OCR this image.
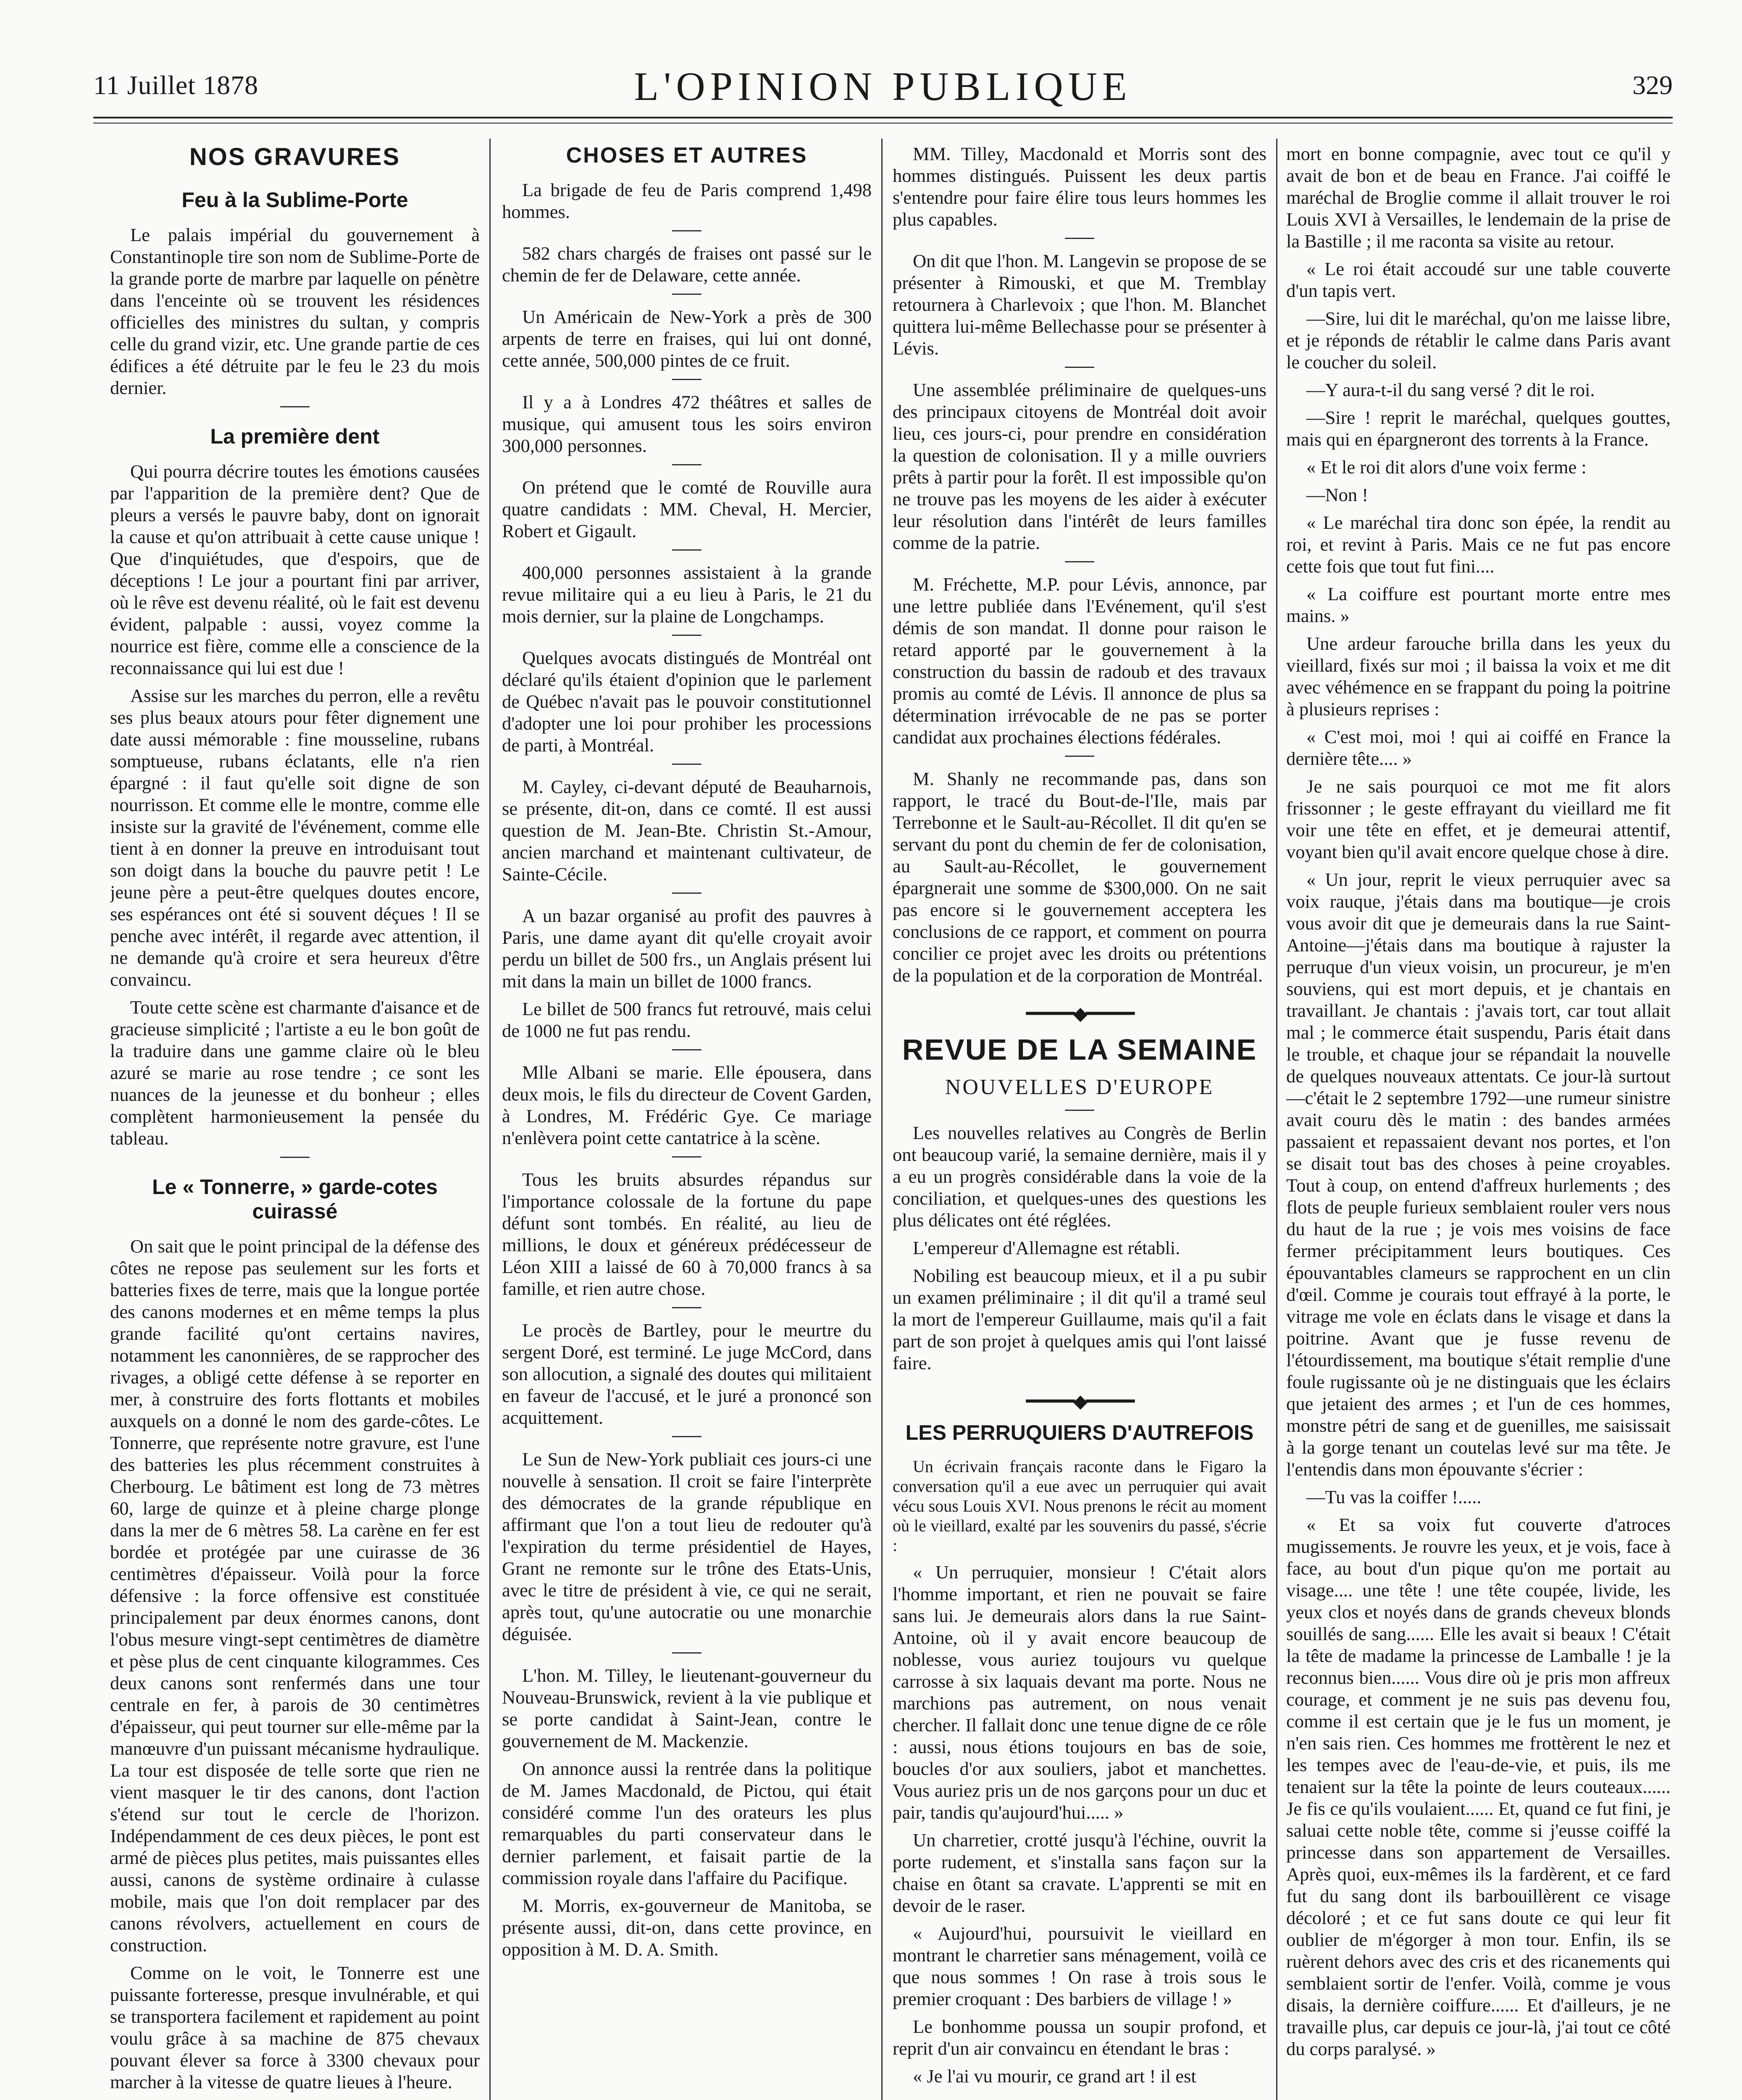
11 Juillet 1878	L'OPINION PUBLIQUE	329
NOS GRAVURES
Feu à la Sublime-Porte

Le palais impérial du gouvernement à Constantinople tire son nom de Sublime-Porte de la grande porte de marbre par laquelle on pénètre dans l'enceinte où se trouvent les résidences officielles des ministres du sultan, y compris celle du grand vizir, etc. Une grande partie de ces édifices a été détruite par le feu le 23 du mois dernier.

La première dent

Qui pourra décrire toutes les émotions causées par l'apparition de la première dent? Que de pleurs a versés le pauvre baby, dont on ignorait la cause et qu'on attribuait à cette cause unique ! Que d'inquiétudes, que d'espoirs, que de déceptions ! Le jour a pourtant fini par arriver, où le rêve est devenu réalité, où le fait est devenu évident, palpable : aussi, voyez comme la nourrice est fière, comme elle a conscience de la reconnaissance qui lui est due !

Assise sur les marches du perron, elle a revêtu ses plus beaux atours pour fêter dignement une date aussi mémorable : fine mousseline, rubans somptueuse, rubans éclatants, elle n'a rien épargné : il faut qu'elle soit digne de son nourrisson. Et comme elle le montre, comme elle insiste sur la gravité de l'événement, comme elle tient à en donner la preuve en introduisant tout son doigt dans la bouche du pauvre petit ! Le jeune père a peut-être quelques doutes encore, ses espérances ont été si souvent déçues ! Il se penche avec intérêt, il regarde avec attention, il ne demande qu'à croire et sera heureux d'être convaincu.

Toute cette scène est charmante d'aisance et de gracieuse simplicité ; l'artiste a eu le bon goût de la traduire dans une gamme claire où le bleu azuré se marie au rose tendre ; ce sont les nuances de la jeunesse et du bonheur ; elles complètent harmonieusement la pensée du tableau.

Le « Tonnerre, » garde-cotes cuirassé

On sait que le point principal de la défense des côtes ne repose pas seulement sur les forts et batteries fixes de terre, mais que la longue portée des canons modernes et en même temps la plus grande facilité qu'ont certains navires, notamment les canonnières, de se rapprocher des rivages, a obligé cette défense à se reporter en mer, à construire des forts flottants et mobiles auxquels on a donné le nom des garde-côtes. Le Tonnerre, que représente notre gravure, est l'une des batteries les plus récemment construites à Cherbourg. Le bâtiment est long de 73 mètres 60, large de quinze et à pleine charge plonge dans la mer de 6 mètres 58. La carène en fer est bordée et protégée par une cuirasse de 36 centimètres d'épaisseur. Voilà pour la force défensive : la force offensive est constituée principalement par deux énormes canons, dont l'obus mesure vingt-sept centimètres de diamètre et pèse plus de cent cinquante kilogrammes. Ces deux canons sont renfermés dans une tour centrale en fer, à parois de 30 centimètres d'épaisseur, qui peut tourner sur elle-même par la manœuvre d'un puissant mécanisme hydraulique. La tour est disposée de telle sorte que rien ne vient masquer le tir des canons, dont l'action s'étend sur tout le cercle de l'horizon. Indépendamment de ces deux pièces, le pont est armé de pièces plus petites, mais puissantes elles aussi, canons de système ordinaire à culasse mobile, mais que l'on doit remplacer par des canons révolvers, actuellement en cours de construction.

Comme on le voit, le Tonnerre est une puissante forteresse, presque invulnérable, et qui se transportera facilement et rapidement au point voulu grâce à sa machine de 875 chevaux pouvant élever sa force à 3300 chevaux pour marcher à la vitesse de quatre lieues à l'heure.

CHOSES ET AUTRES

La brigade de feu de Paris comprend 1,498 hommes.

582 chars chargés de fraises ont passé sur le chemin de fer de Delaware, cette année.

Un Américain de New-York a près de 300 arpents de terre en fraises, qui lui ont donné, cette année, 500,000 pintes de ce fruit.

Il y a à Londres 472 théâtres et salles de musique, qui amusent tous les soirs environ 300,000 personnes.

On prétend que le comté de Rouville aura quatre candidats : MM. Cheval, H. Mercier, Robert et Gigault.

400,000 personnes assistaient à la grande revue militaire qui a eu lieu à Paris, le 21 du mois dernier, sur la plaine de Longchamps.

Quelques avocats distingués de Montréal ont déclaré qu'ils étaient d'opinion que le parlement de Québec n'avait pas le pouvoir constitutionnel d'adopter une loi pour prohiber les processions de parti, à Montréal.

M. Cayley, ci-devant député de Beauharnois, se présente, dit-on, dans ce comté. Il est aussi question de M. Jean-Bte. Christin St.-Amour, ancien marchand et maintenant cultivateur, de Sainte-Cécile.

A un bazar organisé au profit des pauvres à Paris, une dame ayant dit qu'elle croyait avoir perdu un billet de 500 frs., un Anglais présent lui mit dans la main un billet de 1000 francs.

Le billet de 500 francs fut retrouvé, mais celui de 1000 ne fut pas rendu.

Mlle Albani se marie. Elle épousera, dans deux mois, le fils du directeur de Covent Garden, à Londres, M. Frédéric Gye. Ce mariage n'enlèvera point cette cantatrice à la scène.

Tous les bruits absurdes répandus sur l'importance colossale de la fortune du pape défunt sont tombés. En réalité, au lieu de millions, le doux et généreux prédécesseur de Léon XIII a laissé de 60 à 70,000 francs à sa famille, et rien autre chose.

Le procès de Bartley, pour le meurtre du sergent Doré, est terminé. Le juge McCord, dans son allocution, a signalé des doutes qui militaient en faveur de l'accusé, et le juré a prononcé son acquittement.

Le Sun de New-York publiait ces jours-ci une nouvelle à sensation. Il croit se faire l'interprète des démocrates de la grande république en affirmant que l'on a tout lieu de redouter qu'à l'expiration du terme présidentiel de Hayes, Grant ne remonte sur le trône des Etats-Unis, avec le titre de président à vie, ce qui ne serait, après tout, qu'une autocratie ou une monarchie déguisée.

L'hon. M. Tilley, le lieutenant-gouverneur du Nouveau-Brunswick, revient à la vie publique et se porte candidat à Saint-Jean, contre le gouvernement de M. Mackenzie.

On annonce aussi la rentrée dans la politique de M. James Macdonald, de Pictou, qui était considéré comme l'un des orateurs les plus remarquables du parti conservateur dans le dernier parlement, et faisait partie de la commission royale dans l'affaire du Pacifique.

M. Morris, ex-gouverneur de Manitoba, se présente aussi, dit-on, dans cette province, en opposition à M. D. A. Smith.

MM. Tilley, Macdonald et Morris sont des hommes distingués. Puissent les deux partis s'entendre pour faire élire tous leurs hommes les plus capables.

On dit que l'hon. M. Langevin se propose de se présenter à Rimouski, et que M. Tremblay retournera à Charlevoix ; que l'hon. M. Blanchet quittera lui-même Bellechasse pour se présenter à Lévis.

Une assemblée préliminaire de quelques-uns des principaux citoyens de Montréal doit avoir lieu, ces jours-ci, pour prendre en considération la question de colonisation. Il y a mille ouvriers prêts à partir pour la forêt. Il est impossible qu'on ne trouve pas les moyens de les aider à exécuter leur résolution dans l'intérêt de leurs familles comme de la patrie.

M. Fréchette, M.P. pour Lévis, annonce, par une lettre publiée dans l'Evénement, qu'il s'est démis de son mandat. Il donne pour raison le retard apporté par le gouvernement à la construction du bassin de radoub et des travaux promis au comté de Lévis. Il annonce de plus sa détermination irrévocable de ne pas se porter candidat aux prochaines élections fédérales.

M. Shanly ne recommande pas, dans son rapport, le tracé du Bout-de-l'Ile, mais par Terrebonne et le Sault-au-Récollet. Il dit qu'en se servant du pont du chemin de fer de colonisation, au Sault-au-Récollet, le gouvernement épargnerait une somme de $300,000. On ne sait pas encore si le gouvernement acceptera les conclusions de ce rapport, et comment on pourra concilier ce projet avec les droits ou prétentions de la population et de la corporation de Montréal.

━━━━━◆━━━━━
REVUE DE LA SEMAINE
NOUVELLES D'EUROPE

Les nouvelles relatives au Congrès de Berlin ont beaucoup varié, la semaine dernière, mais il y a eu un progrès considérable dans la voie de la conciliation, et quelques-unes des questions les plus délicates ont été réglées.

L'empereur d'Allemagne est rétabli.

Nobiling est beaucoup mieux, et il a pu subir un examen préliminaire ; il dit qu'il a tramé seul la mort de l'empereur Guillaume, mais qu'il a fait part de son projet à quelques amis qui l'ont laissé faire.

━━━━━◆━━━━━
LES PERRUQUIERS D'AUTREFOIS

Un écrivain français raconte dans le Figaro la conversation qu'il a eue avec un perruquier qui avait vécu sous Louis XVI. Nous prenons le récit au moment où le vieillard, exalté par les souvenirs du passé, s'écrie :

« Un perruquier, monsieur ! C'était alors l'homme important, et rien ne pouvait se faire sans lui. Je demeurais alors dans la rue Saint-Antoine, où il y avait encore beaucoup de noblesse, vous auriez toujours vu quelque carrosse à six laquais devant ma porte. Nous ne marchions pas autrement, on nous venait chercher. Il fallait donc une tenue digne de ce rôle : aussi, nous étions toujours en bas de soie, boucles d'or aux souliers, jabot et manchettes. Vous auriez pris un de nos garçons pour un duc et pair, tandis qu'aujourd'hui..... »

Un charretier, crotté jusqu'à l'échine, ouvrit la porte rudement, et s'installa sans façon sur la chaise en ôtant sa cravate. L'apprenti se mit en devoir de le raser.

« Aujourd'hui, poursuivit le vieillard en montrant le charretier sans ménagement, voilà ce que nous sommes ! On rase à trois sous le premier croquant : Des barbiers de village ! »

Le bonhomme poussa un soupir profond, et reprit d'un air convaincu en étendant le bras :

« Je l'ai vu mourir, ce grand art ! il est

mort en bonne compagnie, avec tout ce qu'il y avait de bon et de beau en France. J'ai coiffé le maréchal de Broglie comme il allait trouver le roi Louis XVI à Versailles, le lendemain de la prise de la Bastille ; il me raconta sa visite au retour.

« Le roi était accoudé sur une table couverte d'un tapis vert.

—Sire, lui dit le maréchal, qu'on me laisse libre, et je réponds de rétablir le calme dans Paris avant le coucher du soleil.

—Y aura-t-il du sang versé ? dit le roi.

—Sire ! reprit le maréchal, quelques gouttes, mais qui en épargneront des torrents à la France.

« Et le roi dit alors d'une voix ferme :

—Non !

« Le maréchal tira donc son épée, la rendit au roi, et revint à Paris. Mais ce ne fut pas encore cette fois que tout fut fini....

« La coiffure est pourtant morte entre mes mains. »

Une ardeur farouche brilla dans les yeux du vieillard, fixés sur moi ; il baissa la voix et me dit avec véhémence en se frappant du poing la poitrine à plusieurs reprises :

« C'est moi, moi ! qui ai coiffé en France la dernière tête.... »

Je ne sais pourquoi ce mot me fit alors frissonner ; le geste effrayant du vieillard me fit voir une tête en effet, et je demeurai attentif, voyant bien qu'il avait encore quelque chose à dire.

« Un jour, reprit le vieux perruquier avec sa voix rauque, j'étais dans ma boutique—je crois vous avoir dit que je demeurais dans la rue Saint-Antoine—j'étais dans ma boutique à rajuster la perruque d'un vieux voisin, un procureur, je m'en souviens, qui est mort depuis, et je chantais en travaillant. Je chantais : j'avais tort, car tout allait mal ; le commerce était suspendu, Paris était dans le trouble, et chaque jour se répandait la nouvelle de quelques nouveaux attentats. Ce jour-là surtout—c'était le 2 septembre 1792—une rumeur sinistre avait couru dès le matin : des bandes armées passaient et repassaient devant nos portes, et l'on se disait tout bas des choses à peine croyables. Tout à coup, on entend d'affreux hurlements ; des flots de peuple furieux semblaient rouler vers nous du haut de la rue ; je vois mes voisins de face fermer précipitamment leurs boutiques. Ces épouvantables clameurs se rapprochent en un clin d'œil. Comme je courais tout effrayé à la porte, le vitrage me vole en éclats dans le visage et dans la poitrine. Avant que je fusse revenu de l'étourdissement, ma boutique s'était remplie d'une foule rugissante où je ne distinguais que les éclairs que jetaient des armes ; et l'un de ces hommes, monstre pétri de sang et de guenilles, me saisissait à la gorge tenant un coutelas levé sur ma tête. Je l'entendis dans mon épouvante s'écrier :

—Tu vas la coiffer !.....

« Et sa voix fut couverte d'atroces mugissements. Je rouvre les yeux, et je vois, face à face, au bout d'un pique qu'on me portait au visage.... une tête ! une tête coupée, livide, les yeux clos et noyés dans de grands cheveux blonds souillés de sang...... Elle les avait si beaux ! C'était la tête de madame la princesse de Lamballe ! je la reconnus bien...... Vous dire où je pris mon affreux courage, et comment je ne suis pas devenu fou, comme il est certain que je le fus un moment, je n'en sais rien. Ces hommes me frottèrent le nez et les tempes avec de l'eau-de-vie, et puis, ils me tenaient sur la tête la pointe de leurs couteaux...... Je fis ce qu'ils voulaient...... Et, quand ce fut fini, je saluai cette noble tête, comme si j'eusse coiffé la princesse dans son appartement de Versailles. Après quoi, eux-mêmes ils la fardèrent, et ce fard fut du sang dont ils barbouillèrent ce visage décoloré ; et ce fut sans doute ce qui leur fit oublier de m'égorger à mon tour. Enfin, ils se ruèrent dehors avec des cris et des ricanements qui semblaient sortir de l'enfer. Voilà, comme je vous disais, la dernière coiffure...... Et d'ailleurs, je ne travaille plus, car depuis ce jour-là, j'ai tout ce côté du corps paralysé. »
